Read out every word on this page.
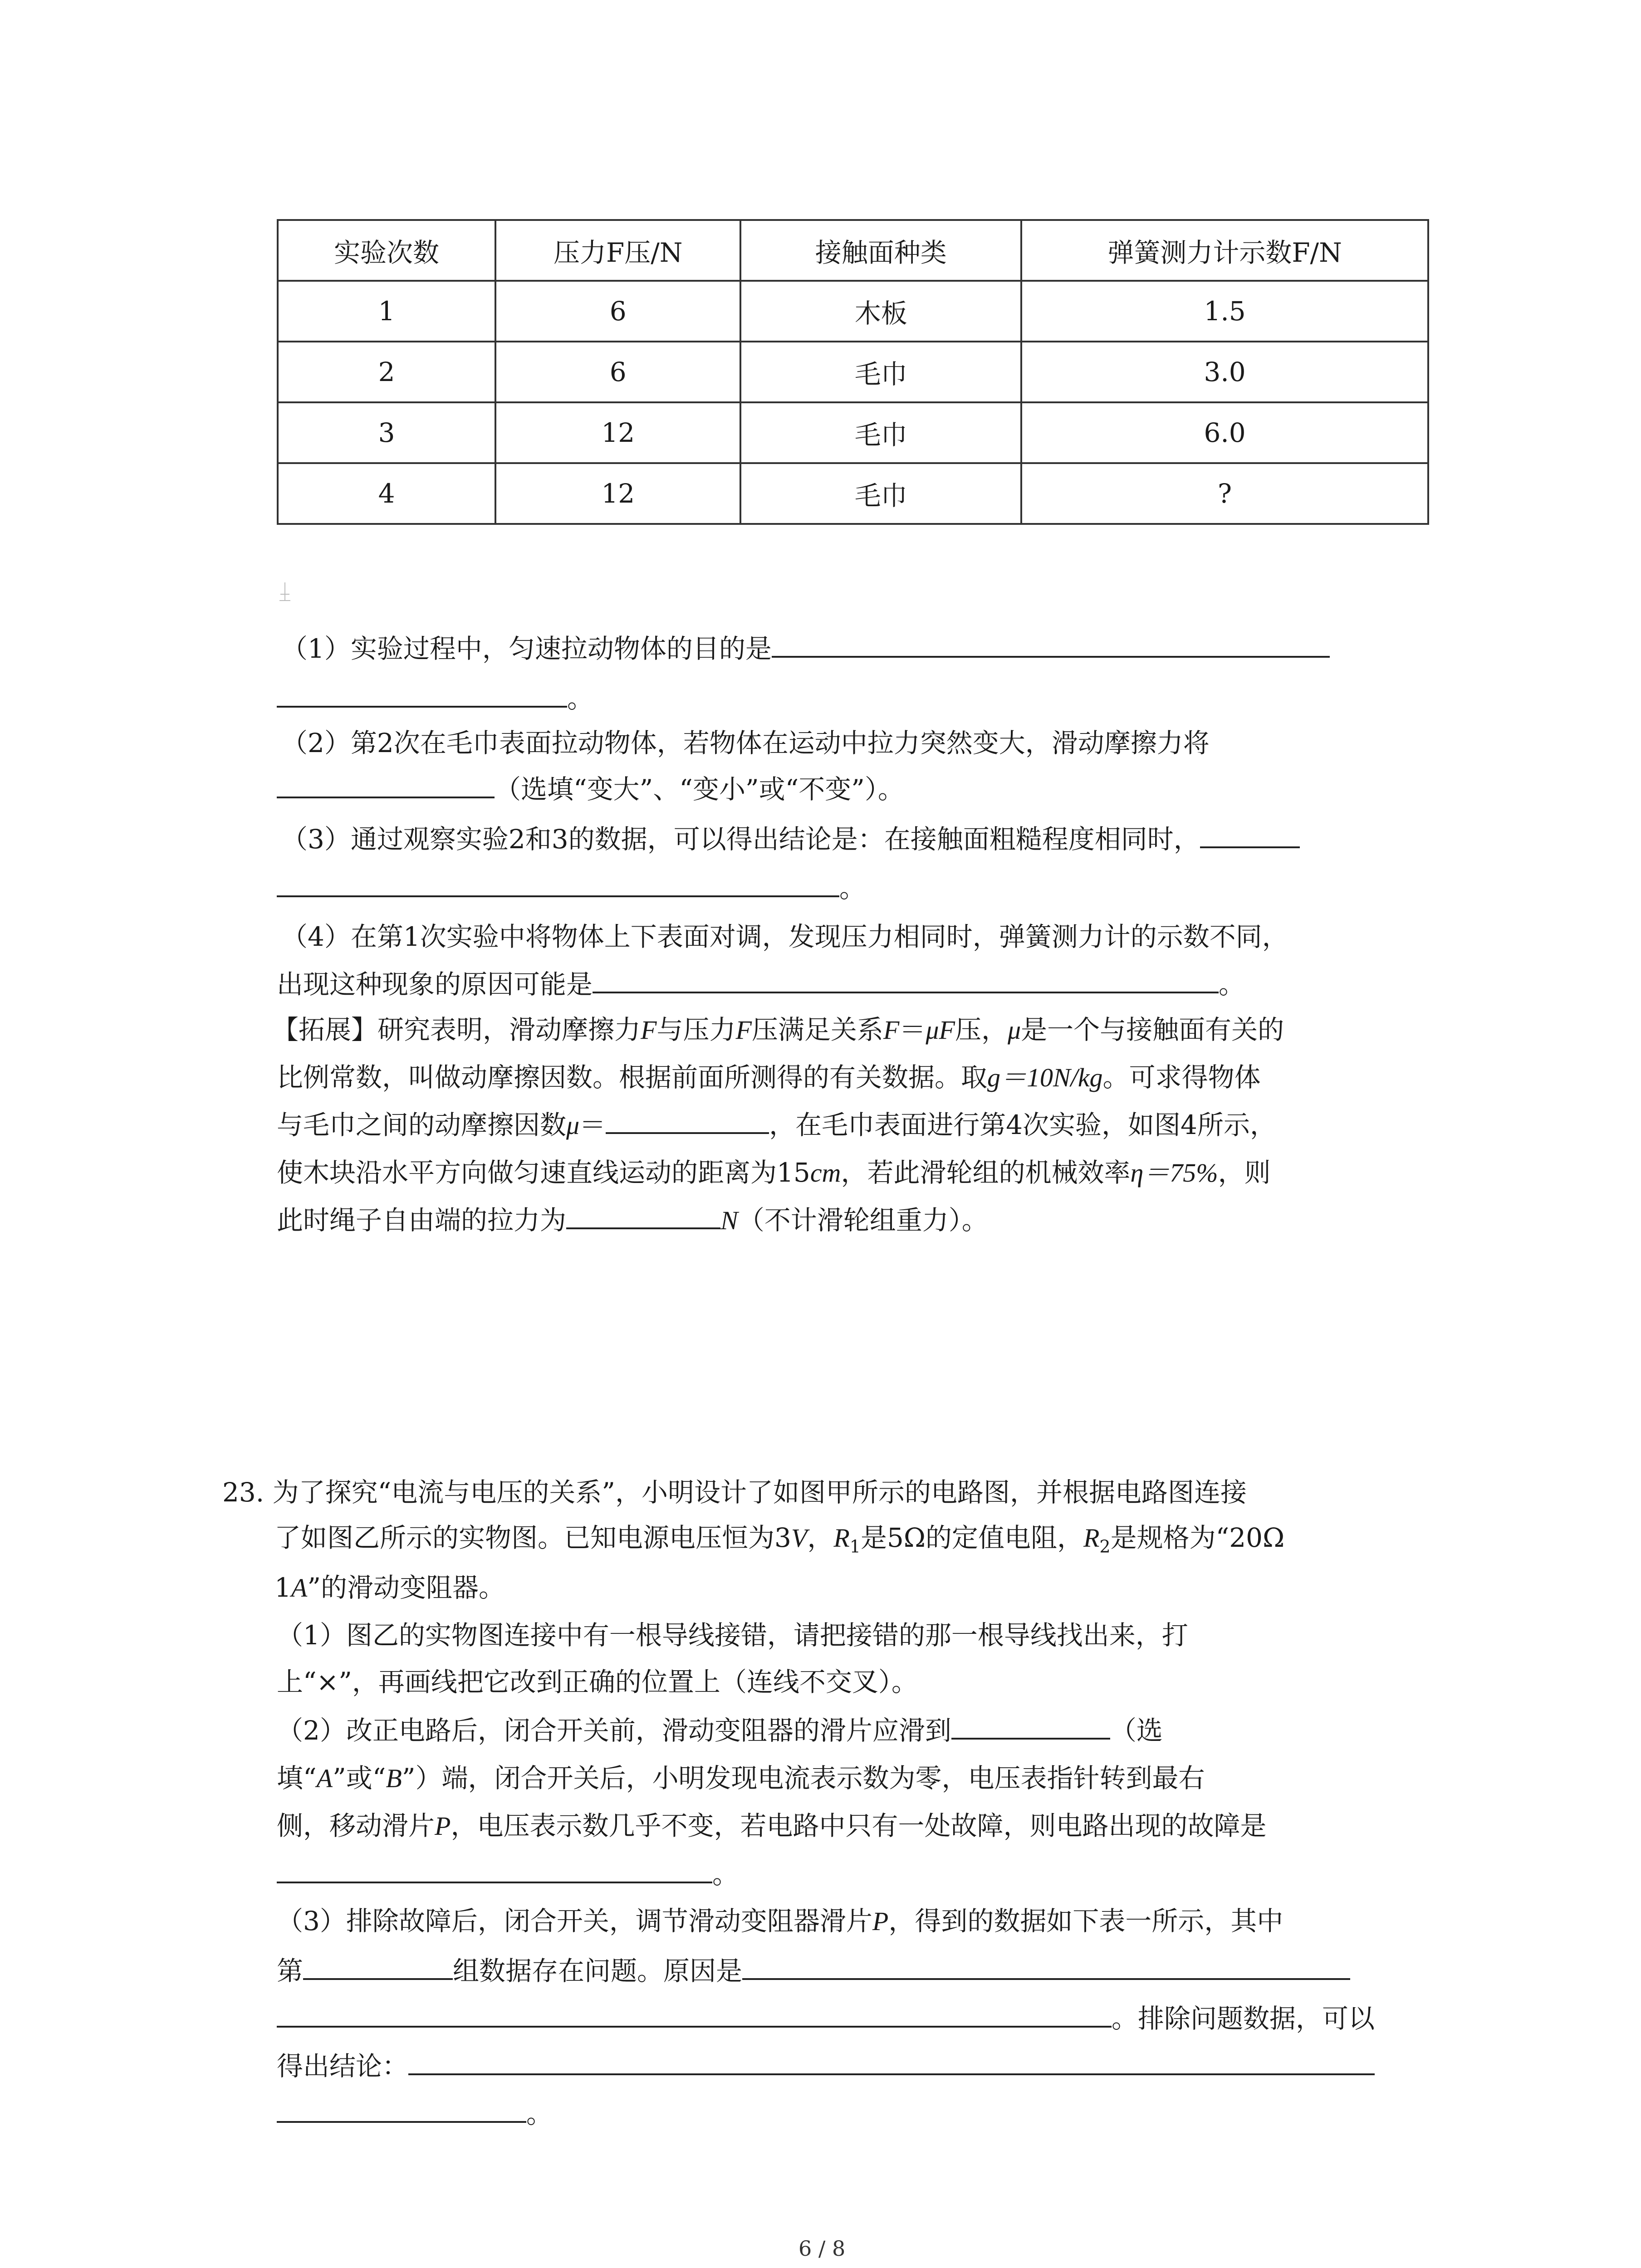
实验次数	压力F压/N	接触面种类	弹簧测力计示数F/N
1	6	木板	1.5
2	6	毛巾	3.0
3	12	毛巾	6.0
4	12	毛巾	?
（1）实验过程中，匀速拉动物体的目的是
。
（2）第2次在毛巾表面拉动物体，若物体在运动中拉力突然变大，滑动摩擦力将
（选填“变大”、“变小”或“不变”）。
（3）通过观察实验2和3的数据，可以得出结论是：在接触面粗糙程度相同时，
。
（4）在第1次实验中将物体上下表面对调，发现压力相同时，弹簧测力计的示数不同，
出现这种现象的原因可能是	。
【拓展】研究表明，滑动摩擦力F与压力F压满足关系F＝μF压，μ是一个与接触面有关的
比例常数，叫做动摩擦因数。根据前面所测得的有关数据。取g＝10N/kg。可求得物体
与毛巾之间的动摩擦因数μ＝	，在毛巾表面进行第4次实验，如图4所示，
使木块沿水平方向做匀速直线运动的距离为15cm，若此滑轮组的机械效率η＝75%，则
此时绳子自由端的拉力为	N（不计滑轮组重力）。
23. 为了探究“电流与电压的关系”，小明设计了如图甲所示的电路图，并根据电路图连接
了如图乙所示的实物图。已知电源电压恒为3V，$R_1$是5Ω的定值电阻，$R_2$是规格为“20Ω
1A”的滑动变阻器。
（1）图乙的实物图连接中有一根导线接错，请把接错的那一根导线找出来，打
上“×”，再画线把它改到正确的位置上（连线不交叉）。
（2）改正电路后，闭合开关前，滑动变阻器的滑片应滑到	（选
填“A”或“B”）端，闭合开关后，小明发现电流表示数为零，电压表指针转到最右
侧，移动滑片P，电压表示数几乎不变，若电路中只有一处故障，则电路出现的故障是
。
（3）排除故障后，闭合开关，调节滑动变阻器滑片P，得到的数据如下表一所示，其中
第	组数据存在问题。原因是
。排除问题数据，可以
得出结论：
。
6 / 8
